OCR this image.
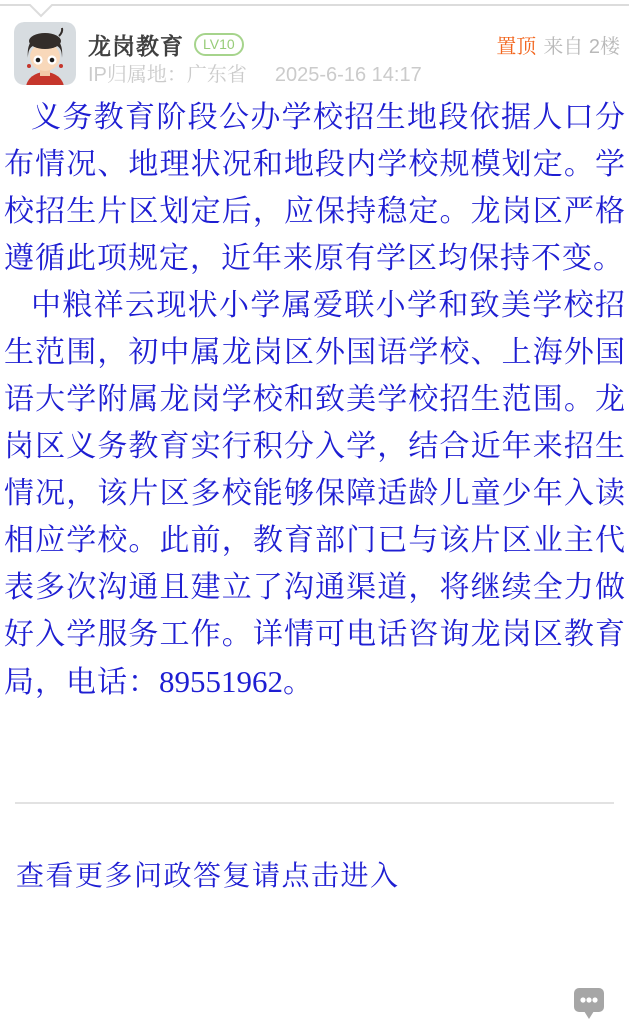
龙岗教育	LV10
IP归属地：广东省 2025-6-16 14:17
置顶 来自 2楼

义务教育阶段公办学校招生地段依据人口分布情况、地理状况和地段内学校规模划定。学校招生片区划定后，应保持稳定。龙岗区严格遵循此项规定，近年来原有学区均保持不变。

中粮祥云现状小学属爱联小学和致美学校招生范围，初中属龙岗区外国语学校、上海外国语大学附属龙岗学校和致美学校招生范围。龙岗区义务教育实行积分入学，结合近年来招生情况，该片区多校能够保障适龄儿童少年入读相应学校。此前，教育部门已与该片区业主代表多次沟通且建立了沟通渠道，将继续全力做好入学服务工作。详情可电话咨询龙岗区教育局，电话：89551962。

查看更多问政答复请点击进入
